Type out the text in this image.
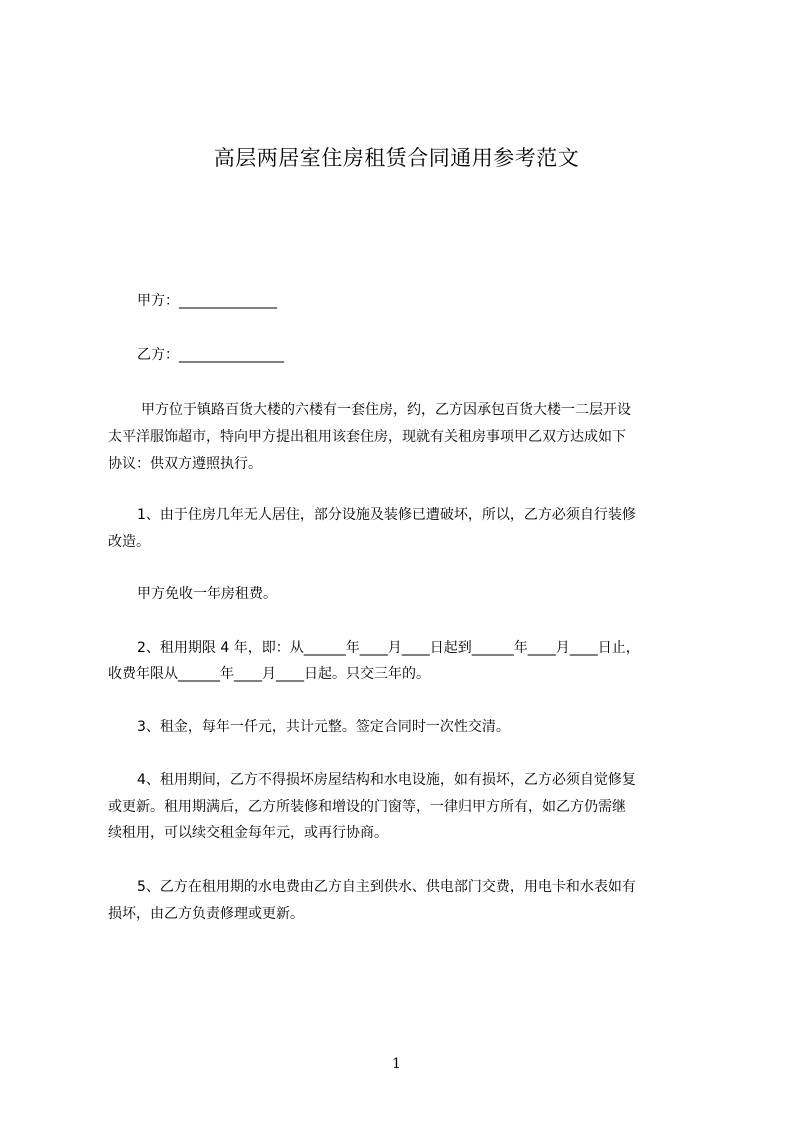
高层两居室住房租赁合同通用参考范文
甲方：______________
乙方：_______________
甲方位于镇路百货大楼的六楼有一套住房，约，乙方因承包百货大楼一二层开设
太平洋服饰超市，特向甲方提出租用该套住房，现就有关租房事项甲乙双方达成如下
协议：供双方遵照执行。
1、由于住房几年无人居住，部分设施及装修已遭破坏，所以，乙方必须自行装修
改造。
甲方免收一年房租费。
2、租用期限 4 年，即：从______年____月____日起到______年____月____日止，
收费年限从______年____月____日起。只交三年的。
3、租金，每年一仟元，共计元整。签定合同时一次性交清。
4、租用期间，乙方不得损坏房屋结构和水电设施，如有损坏，乙方必须自觉修复
或更新。租用期满后，乙方所装修和增设的门窗等，一律归甲方所有，如乙方仍需继
续租用，可以续交租金每年元，或再行协商。
5、乙方在租用期的水电费由乙方自主到供水、供电部门交费，用电卡和水表如有
损坏，由乙方负责修理或更新。
1
